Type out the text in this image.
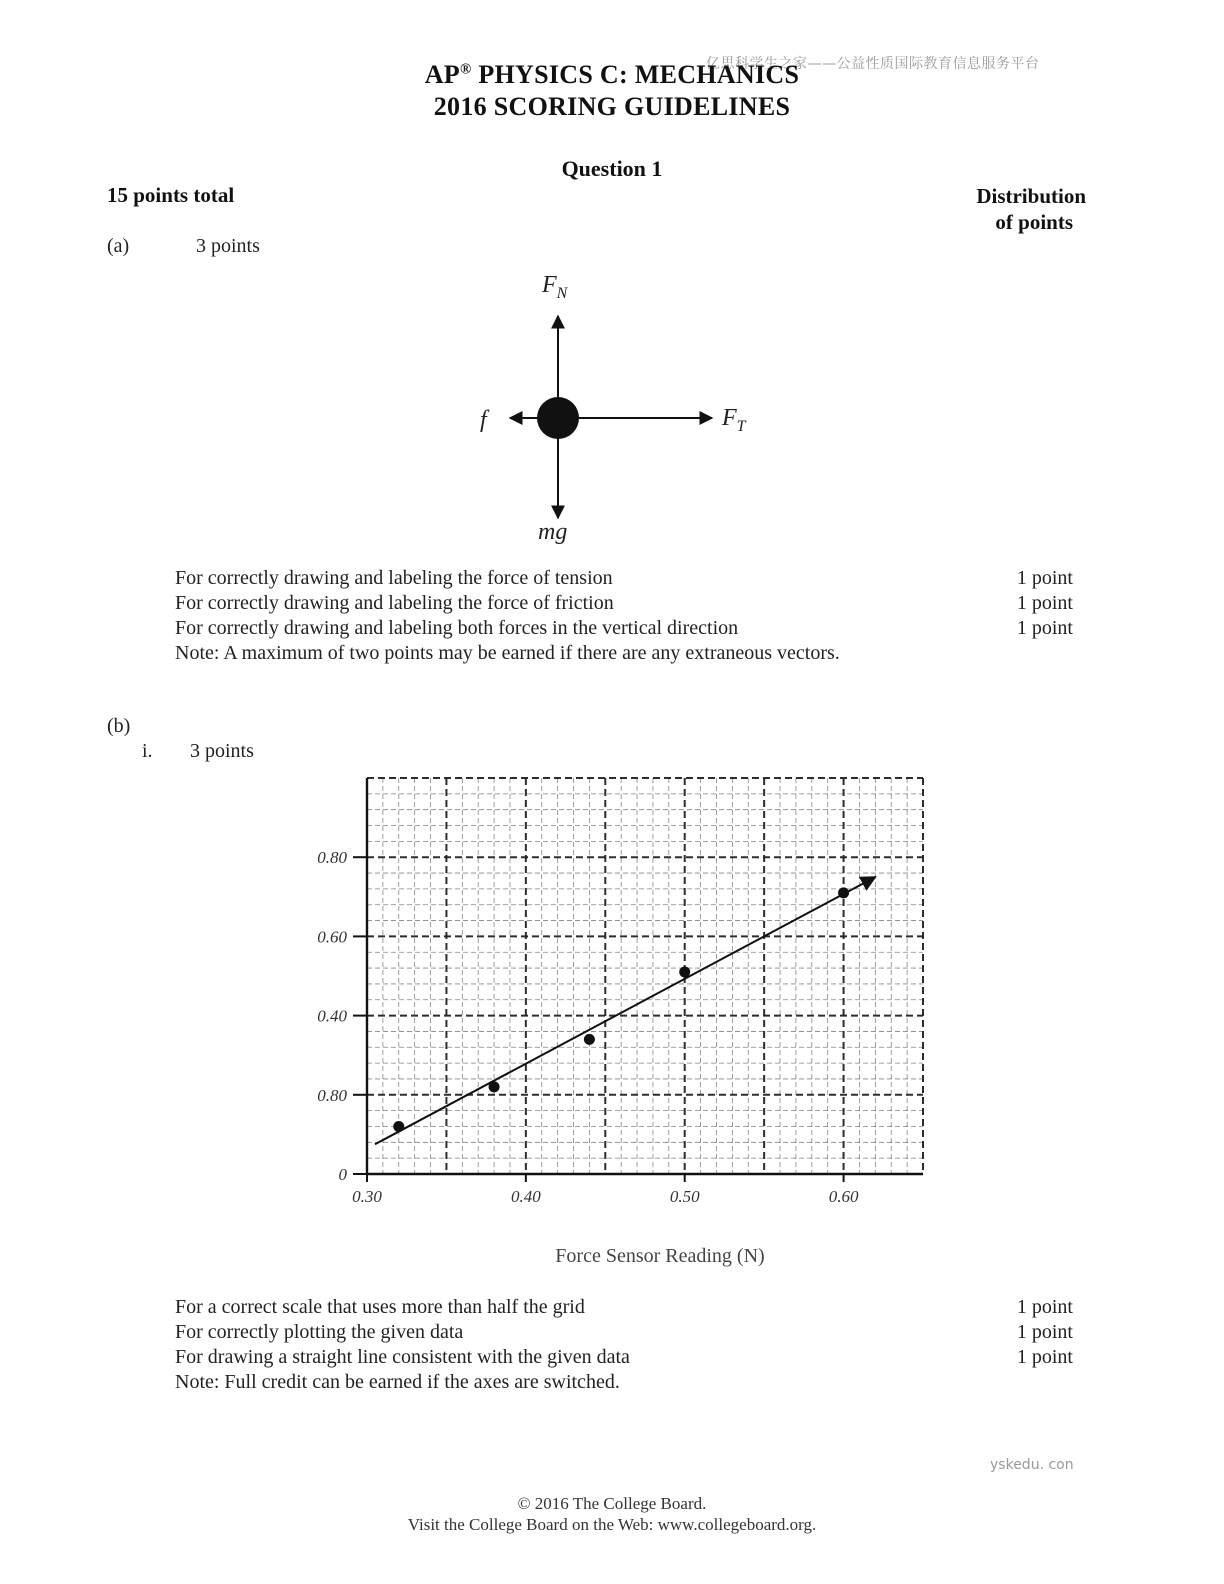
亿思科学生之家——公益性质国际教育信息服务平台
AP® PHYSICS C: MECHANICS
2016 SCORING GUIDELINES
Question 1
15 points total	Distribution
of points
(a)	3 points
$F_N$
f	$F_T$
mg
For correctly drawing and labeling the force of tension	1 point
For correctly drawing and labeling the force of friction	1 point
For correctly drawing and labeling both forces in the vertical direction	1 point
Note: A maximum of two points may be earned if there are any extraneous vectors.
(b)
i. 3 points
0.30	0.40	0.50	0.60
0
0.80
0.40
0.60
0.80
Force Sensor Reading (N)
For a correct scale that uses more than half the grid	1 point
For correctly plotting the given data	1 point
For drawing a straight line consistent with the given data	1 point
Note: Full credit can be earned if the axes are switched.
yskedu. con
© 2016 The College Board.
Visit the College Board on the Web: www.collegeboard.org.
